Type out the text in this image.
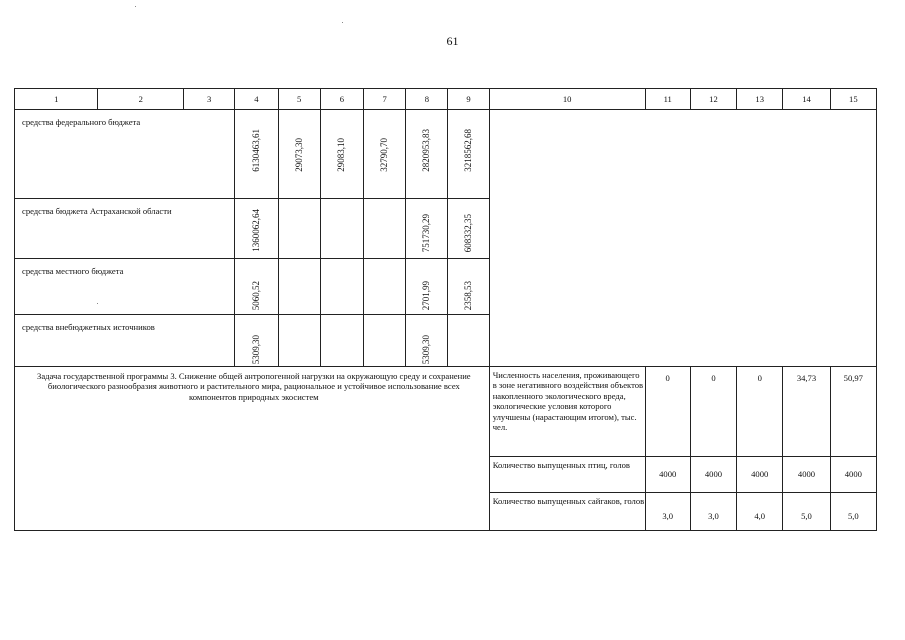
61
1	2	3	4	5	6	7	8	9	10	11	12	13	14	15
средства федерального бюджета			6130463,61	29073,30	29083,10	32790,70	2820953,83	3218562,68						

средства бюджета Астраханской области			1360062,64				751730,29	608332,35						

средства местного бюджета			5060,52				2701,99	2358,53						

средства внебюджетных источников			5309,30				5309,30							

Задача государственной программы 3. Снижение общей антропогенной нагрузки на окружающую среду и сохранение биологического разнообразия животного и растительного мира, рациональное и устойчивое использование всех компонентов природных экосистем									Численность населения, проживающего в зоне негативного воздействия объектов накопленного экологического вреда, экологические условия которого улучшены (нарастающим итогом), тыс. чел.	0	0	0	34,73	50,97
									Количество выпущенных птиц, голов	4000	4000	4000	4000	4000
									Количество выпущенных сайгаков, голов	3,0	3,0	4,0	5,0	5,0
